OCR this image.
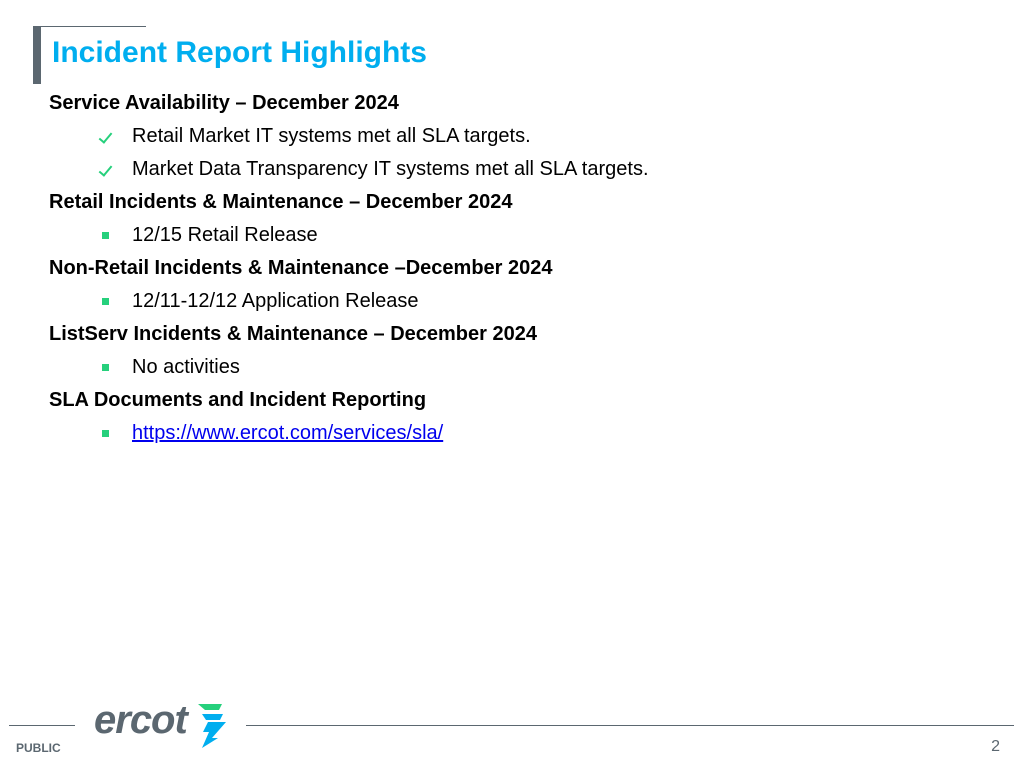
Incident Report Highlights
Service Availability – December 2024
Retail Market IT systems met all SLA targets.
Market Data Transparency IT systems met all SLA targets.
Retail Incidents & Maintenance – December 2024
12/15 Retail Release
Non-Retail Incidents & Maintenance –December 2024
12/11-12/12 Application Release
ListServ Incidents & Maintenance – December 2024
No activities
SLA Documents and Incident Reporting
https://www.ercot.com/services/sla/
ercot
PUBLIC	2
